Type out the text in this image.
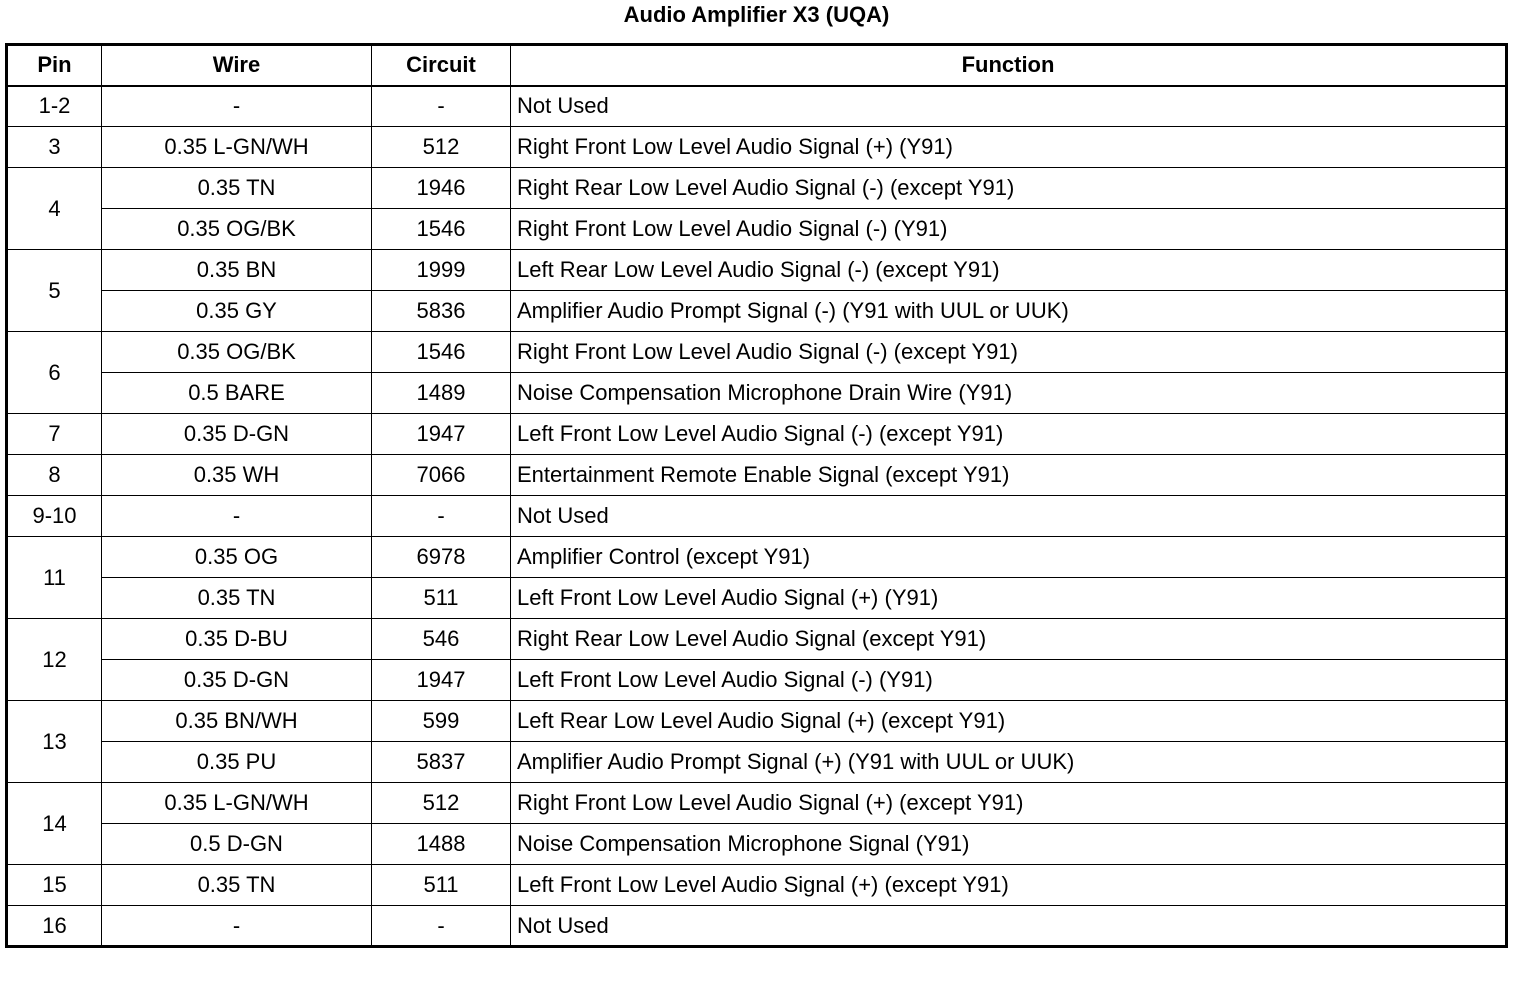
Audio Amplifier X3 (UQA)
Pin	Wire	Circuit	Function
1-2	-	-	Not Used
3	0.35 L-GN/WH	512	Right Front Low Level Audio Signal (+) (Y91)
4	0.35 TN	1946	Right Rear Low Level Audio Signal (-) (except Y91)
	0.35 OG/BK	1546	Right Front Low Level Audio Signal (-) (Y91)
5	0.35 BN	1999	Left Rear Low Level Audio Signal (-) (except Y91)
	0.35 GY	5836	Amplifier Audio Prompt Signal (-) (Y91 with UUL or UUK)
6	0.35 OG/BK	1546	Right Front Low Level Audio Signal (-) (except Y91)
	0.5 BARE	1489	Noise Compensation Microphone Drain Wire (Y91)
7	0.35 D-GN	1947	Left Front Low Level Audio Signal (-) (except Y91)
8	0.35 WH	7066	Entertainment Remote Enable Signal (except Y91)
9-10	-	-	Not Used
11	0.35 OG	6978	Amplifier Control (except Y91)
	0.35 TN	511	Left Front Low Level Audio Signal (+) (Y91)
12	0.35 D-BU	546	Right Rear Low Level Audio Signal (except Y91)
	0.35 D-GN	1947	Left Front Low Level Audio Signal (-) (Y91)
13	0.35 BN/WH	599	Left Rear Low Level Audio Signal (+) (except Y91)
	0.35 PU	5837	Amplifier Audio Prompt Signal (+) (Y91 with UUL or UUK)
14	0.35 L-GN/WH	512	Right Front Low Level Audio Signal (+) (except Y91)
	0.5 D-GN	1488	Noise Compensation Microphone Signal (Y91)
15	0.35 TN	511	Left Front Low Level Audio Signal (+) (except Y91)
16	-	-	Not Used
